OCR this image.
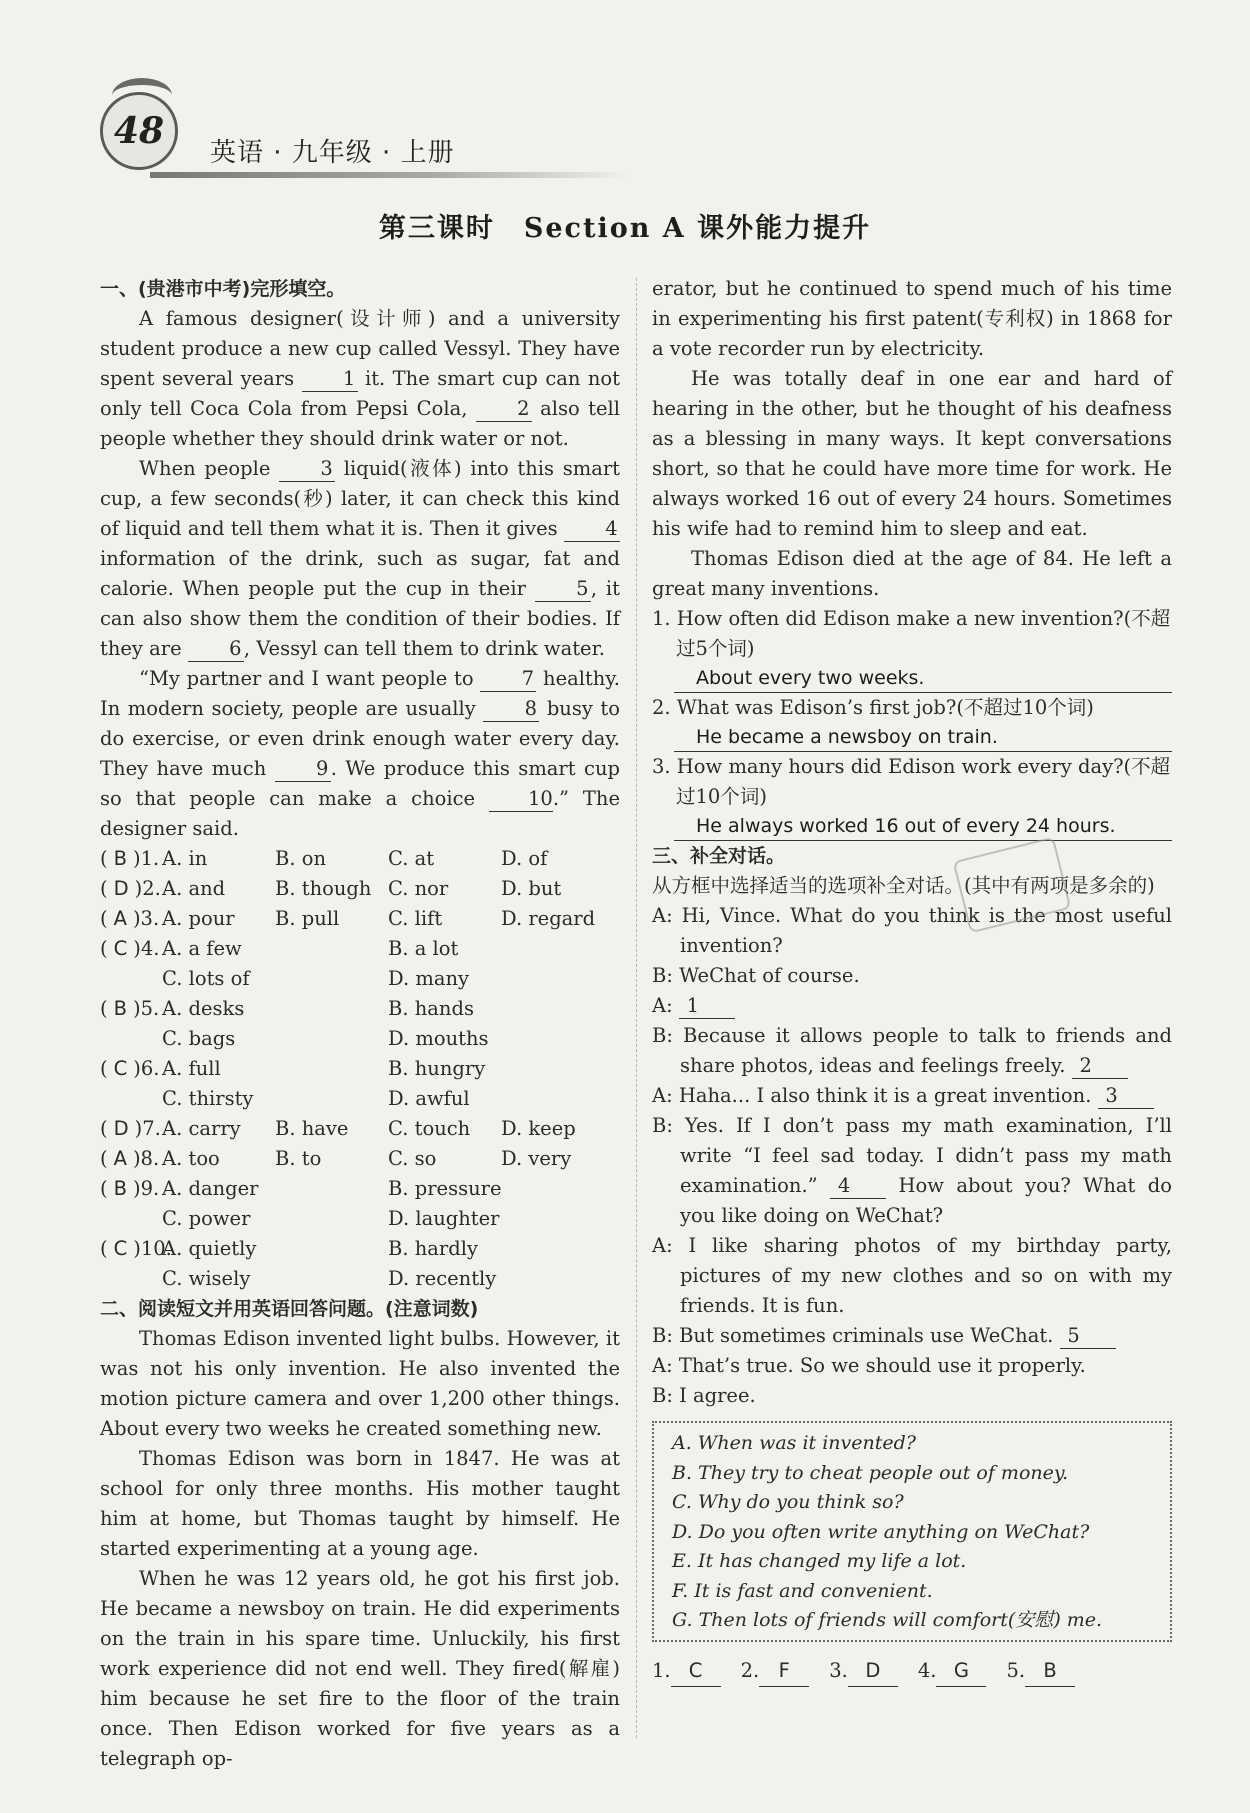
48
英语 · 九年级 · 上册
第三课时　Section A 课外能力提升

一、(贵港市中考)完形填空。

A famous designer(设计师) and a university student produce a new cup called Vessyl. They have spent several years 1 it. The smart cup can not only tell Coca Cola from Pepsi Cola, 2 also tell people whether they should drink water or not.

When people 3 liquid(液体) into this smart cup, a few seconds(秒) later, it can check this kind of liquid and tell them what it is. Then it gives 4 information of the drink, such as sugar, fat and calorie. When people put the cup in their 5 , it can also show them the condition of their bodies. If they are 6 , Vessyl can tell them to drink water.

“My partner and I want people to 7 healthy. In modern society, people are usually 8 busy to do exercise, or even drink enough water every day. They have much 9 . We produce this smart cup so that people can make a choice 10.” The designer said.

( B )1. A. in	B. on	C. at	D. of
( D )2. A. and	B. though C. nor	D. but
( A )3. A. pour	B. pull	C. lift	D. regard
( C )4. A. a few	B. a lot
C. lots of	D. many
( B )5. A. desks	B. hands
C. bags	D. mouths
( C )6. A. full	B. hungry
C. thirsty	D. awful
( D )7. A. carry	B. have	C. touch	D. keep
( A )8. A. too	B. to	C. so	D. very
( B )9. A. danger	B. pressure
C. power	D. laughter
( C )10.
A. quietly	B. hardly
C. wisely	D. recently

二、阅读短文并用英语回答问题。(注意词数)

Thomas Edison invented light bulbs. However, it was not his only invention. He also invented the motion picture camera and over 1,200 other things. About every two weeks he created something new.

Thomas Edison was born in 1847. He was at school for only three months. His mother taught him at home, but Thomas taught by himself. He started experimenting at a young age.

When he was 12 years old, he got his first job. He became a newsboy on train. He did experiments on the train in his spare time. Unluckily, his first work experience did not end well. They fired(解雇) him because he set fire to the floor of the train once. Then Edison worked for five years as a telegraph op-

erator, but he continued to spend much of his time in experimenting his first patent(专利权) in 1868 for a vote recorder run by electricity.

He was totally deaf in one ear and hard of hearing in the other, but he thought of his deafness as a blessing in many ways. It kept conversations short, so that he could have more time for work. He always worked 16 out of every 24 hours. Sometimes his wife had to remind him to sleep and eat.

Thomas Edison died at the age of 84. He left a great many inventions.

1. How often did Edison make a new invention?(不超过5个词)

About every two weeks.

2. What was Edison’s first job?(不超过10个词)

He became a newsboy on train.

3. How many hours did Edison work every day?(不超过10个词)

He always worked 16 out of every 24 hours.

三、补全对话。

从方框中选择适当的选项补全对话。(其中有两项是多余的)

A: Hi, Vince. What do you think is the most useful invention?

B: WeChat of course.

A: 1

B: Because it allows people to talk to friends and share photos, ideas and feelings freely. 2

A: Haha... I also think it is a great invention. 3

B: Yes. If I don’t pass my math examination, I’ll write “I feel sad today. I didn’t pass my math examination.” 4 How about you? What do you like doing on WeChat?

A: I like sharing photos of my birthday party, pictures of my new clothes and so on with my friends. It is fun.

B: But sometimes criminals use WeChat. 5

A: That’s true. So we should use it properly.

B: I agree.

A. When was it invented?
B. They try to cheat people out of money.
C. Why do you think so?
D. Do you often write anything on WeChat?
E. It has changed my life a lot.
F. It is fast and convenient.
G. Then lots of friends will comfort(安慰) me.
1. C	2. F	3. D	4. G	5. B
